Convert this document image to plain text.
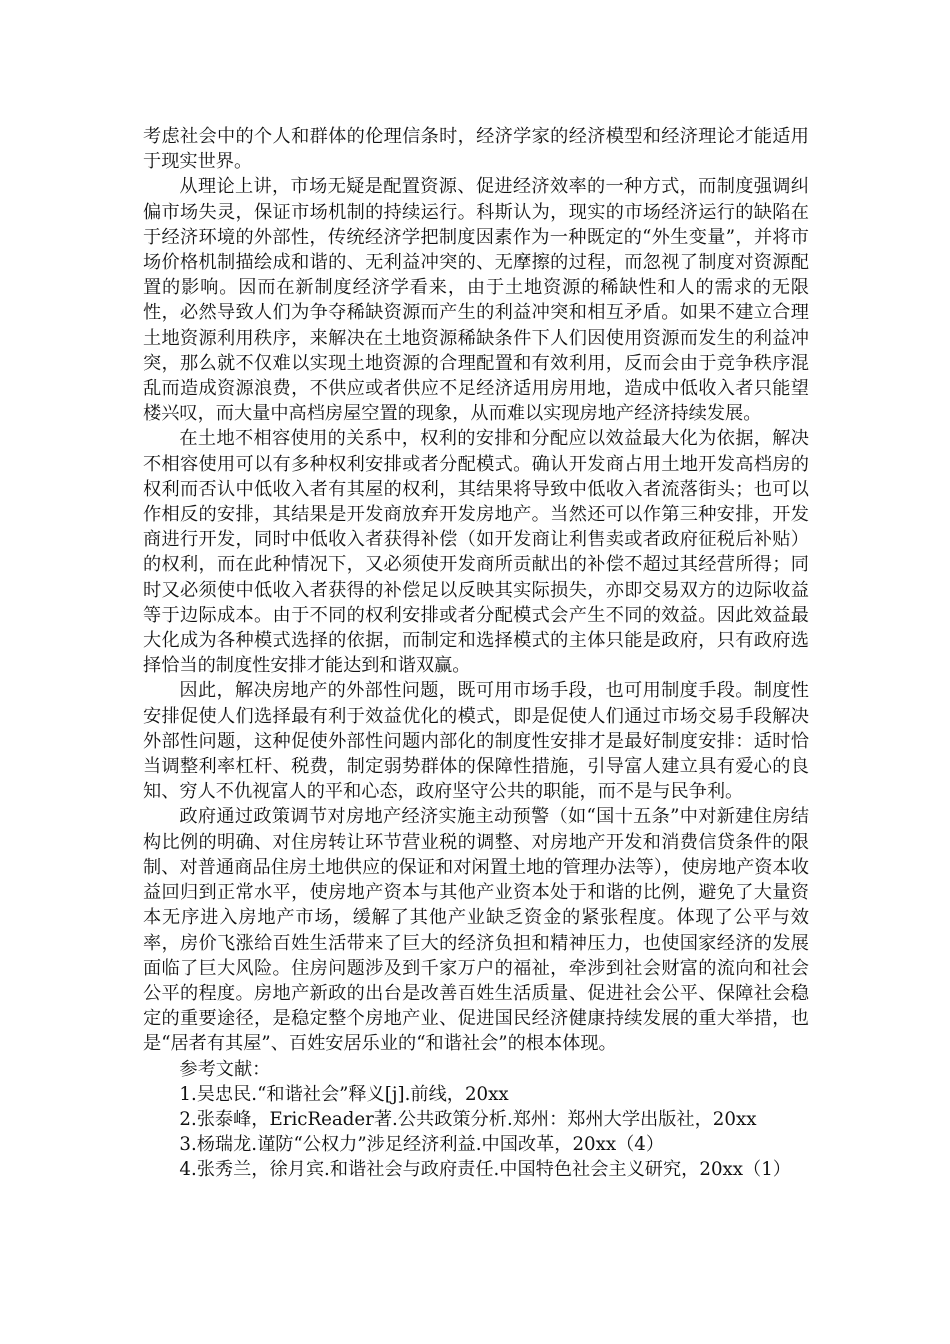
考虑社会中的个人和群体的伦理信条时，经济学家的经济模型和经济理论才能适用于现实世界。

从理论上讲，市场无疑是配置资源、促进经济效率的一种方式，而制度强调纠偏市场失灵，保证市场机制的持续运行。科斯认为，现实的市场经济运行的缺陷在于经济环境的外部性，传统经济学把制度因素作为一种既定的“外生变量”，并将市场价格机制描绘成和谐的、无利益冲突的、无摩擦的过程，而忽视了制度对资源配置的影响。因而在新制度经济学看来，由于土地资源的稀缺性和人的需求的无限性，必然导致人们为争夺稀缺资源而产生的利益冲突和相互矛盾。如果不建立合理土地资源利用秩序，来解决在土地资源稀缺条件下人们因使用资源而发生的利益冲突，那么就不仅难以实现土地资源的合理配置和有效利用，反而会由于竞争秩序混乱而造成资源浪费，不供应或者供应不足经济适用房用地，造成中低收入者只能望楼兴叹，而大量中高档房屋空置的现象，从而难以实现房地产经济持续发展。

在土地不相容使用的关系中，权利的安排和分配应以效益最大化为依据，解决不相容使用可以有多种权利安排或者分配模式。确认开发商占用土地开发高档房的权利而否认中低收入者有其屋的权利，其结果将导致中低收入者流落街头；也可以作相反的安排，其结果是开发商放弃开发房地产。当然还可以作第三种安排，开发商进行开发，同时中低收入者获得补偿（如开发商让利售卖或者政府征税后补贴）的权利，而在此种情况下，又必须使开发商所贡献出的补偿不超过其经营所得；同时又必须使中低收入者获得的补偿足以反映其实际损失，亦即交易双方的边际收益等于边际成本。由于不同的权利安排或者分配模式会产生不同的效益。因此效益最大化成为各种模式选择的依据，而制定和选择模式的主体只能是政府，只有政府选择恰当的制度性安排才能达到和谐双赢。

因此，解决房地产的外部性问题，既可用市场手段，也可用制度手段。制度性安排促使人们选择最有利于效益优化的模式，即是促使人们通过市场交易手段解决外部性问题，这种促使外部性问题内部化的制度性安排才是最好制度安排：适时恰当调整利率杠杆、税费，制定弱势群体的保障性措施，引导富人建立具有爱心的良知、穷人不仇视富人的平和心态，政府坚守公共的职能，而不是与民争利。

政府通过政策调节对房地产经济实施主动预警（如“国十五条”中对新建住房结构比例的明确、对住房转让环节营业税的调整、对房地产开发和消费信贷条件的限制、对普通商品住房土地供应的保证和对闲置土地的管理办法等），使房地产资本收益回归到正常水平，使房地产资本与其他产业资本处于和谐的比例，避免了大量资本无序进入房地产市场，缓解了其他产业缺乏资金的紧张程度。体现了公平与效率，房价飞涨给百姓生活带来了巨大的经济负担和精神压力，也使国家经济的发展面临了巨大风险。住房问题涉及到千家万户的福祉，牵涉到社会财富的流向和社会公平的程度。房地产新政的出台是改善百姓生活质量、促进社会公平、保障社会稳定的重要途径，是稳定整个房地产业、促进国民经济健康持续发展的重大举措，也是“居者有其屋”、百姓安居乐业的“和谐社会”的根本体现。

参考文献：

1.吴忠民.“和谐社会”释义[j].前线，20xx

2.张泰峰，EricReader著.公共政策分析.郑州：郑州大学出版社，20xx

3.杨瑞龙.谨防“公权力”涉足经济利益.中国改革，20xx（4）

4.张秀兰，徐月宾.和谐社会与政府责任.中国特色社会主义研究，20xx（1）
